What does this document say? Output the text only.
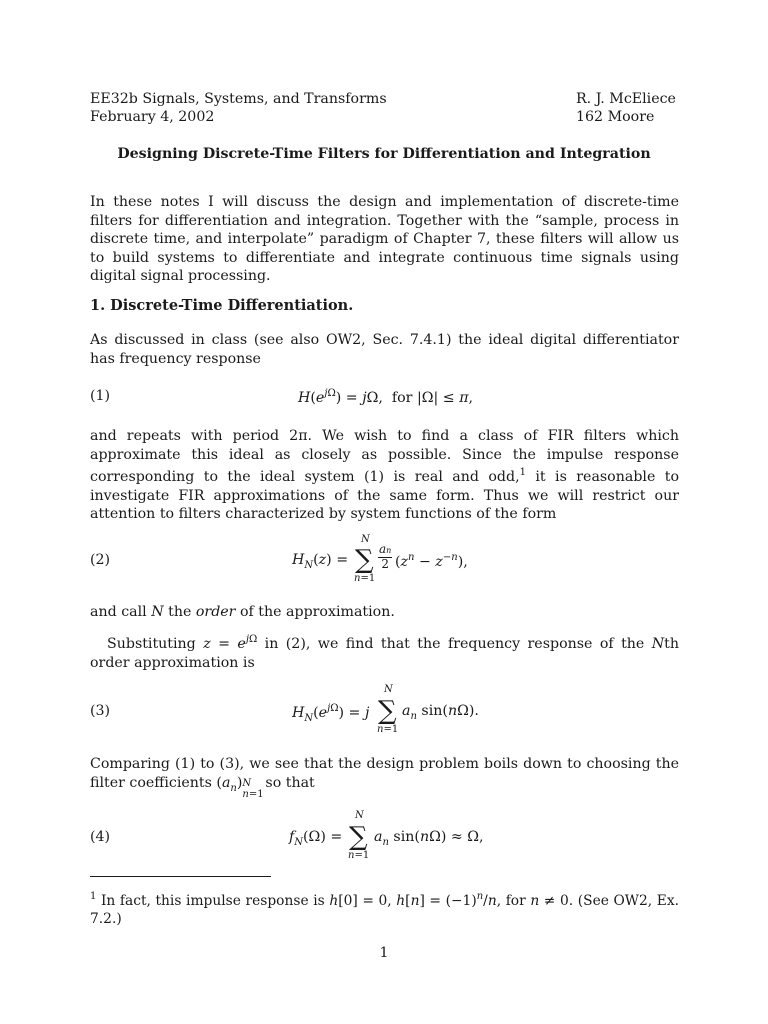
EE32b Signals, Systems, and Transforms
February 4, 2002
R. J. McEliece
162 Moore
Designing Discrete-Time Filters for Differentiation and Integration
In these notes I will discuss the design and implementation of discrete-time filters for differentiation and integration. Together with the “sample, process in discrete time, and interpolate” paradigm of Chapter 7, these filters will allow us to build systems to differentiate and integrate continuous time signals using digital signal processing.
1. Discrete-Time Differentiation.
As discussed in class (see also OW2, Sec. 7.4.1) the ideal digital differentiator has frequency response
(1)	$H(e^{j\Omega}) = j\Omega$,  for |Ω| ≤ π,
and repeats with period 2π. We wish to find a class of FIR filters which approximate this ideal as closely as possible. Since the impulse response corresponding to the ideal system (1) is real and odd,$^1$ it is reasonable to investigate FIR approximations of the same form. Thus we will restrict our attention to filters characterized by system functions of the form
(2)	$H_N(z)$ =
N
∑
n=1
$\frac{an}{2} (z^n - z^{-n})$,
and call N the order of the approximation.
Substituting $z = e^{j\Omega}$ in (2), we find that the frequency response of the Nth order approximation is
(3)	$H_N(e^{j\Omega}) = j$
N
∑
n=1
$a_n$ sin(nΩ).
Comparing (1) to (3), we see that the design problem boils down to choosing the filter coefficients $(a_n)$ N
n=1
so that
(4)	$f_N(\Omega)$ =
N
∑
n=1
$a_n$ sin(nΩ) ≈ Ω,
$^1$ In fact, this impulse response is h[0] = 0, $h[n] = (-1)^n/n$, for n ≠ 0. (See OW2, Ex. 7.2.)
1
